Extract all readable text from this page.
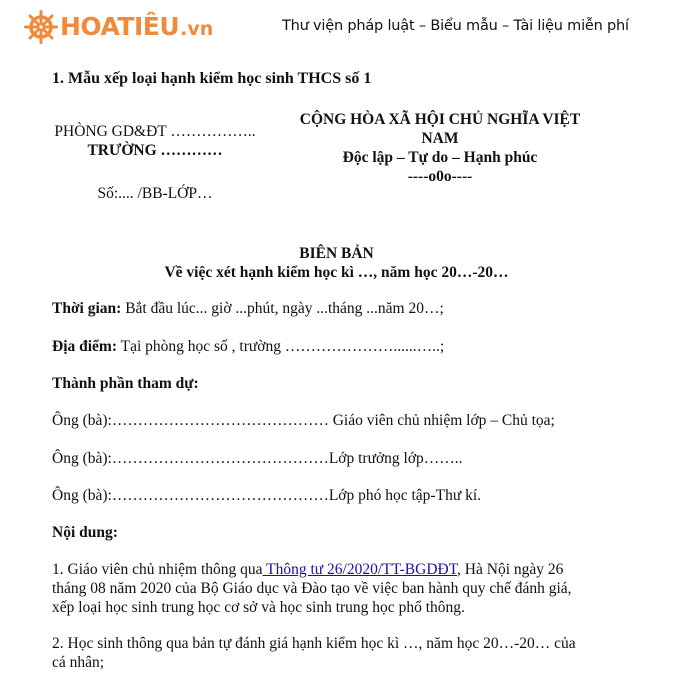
HOATIÊU .vn	Thư viện pháp luật – Biểu mẫu – Tài liệu miễn phí
1. Mẫu xếp loại hạnh kiểm học sinh THCS số 1
PHÒNG GD&ĐT ……………..
TRƯỜNG …………
Số:.... /BB-LỚP…
CỘNG HÒA XÃ HỘI CHỦ NGHĨA VIỆT
NAM
Độc lập – Tự do – Hạnh phúc
----o0o----
BIÊN BẢN
Về việc xét hạnh kiểm học kì …, năm học 20…-20…
Thời gian: Bắt đầu lúc... giờ ...phút, ngày ...tháng ...năm 20…;
Địa điểm: Tại phòng học số , trường …………………......…..;
Thành phần tham dự:
Ông (bà):…………………………………… Giáo viên chủ nhiệm lớp – Chủ tọa;
Ông (bà):……………………………………Lớp trưởng lớp……..
Ông (bà):……………………………………Lớp phó học tập-Thư kí.
Nội dung:
1. Giáo viên chủ nhiệm thông qua Thông tư 26/2020/TT-BGDĐT, Hà Nội ngày 26
tháng 08 năm 2020 của Bộ Giáo dục và Đào tạo về việc ban hành quy chế đánh giá,
xếp loại học sinh trung học cơ sở và học sinh trung học phổ thông.
2. Học sinh thông qua bản tự đánh giá hạnh kiểm học kì …, năm học 20…-20… của
cá nhân;
